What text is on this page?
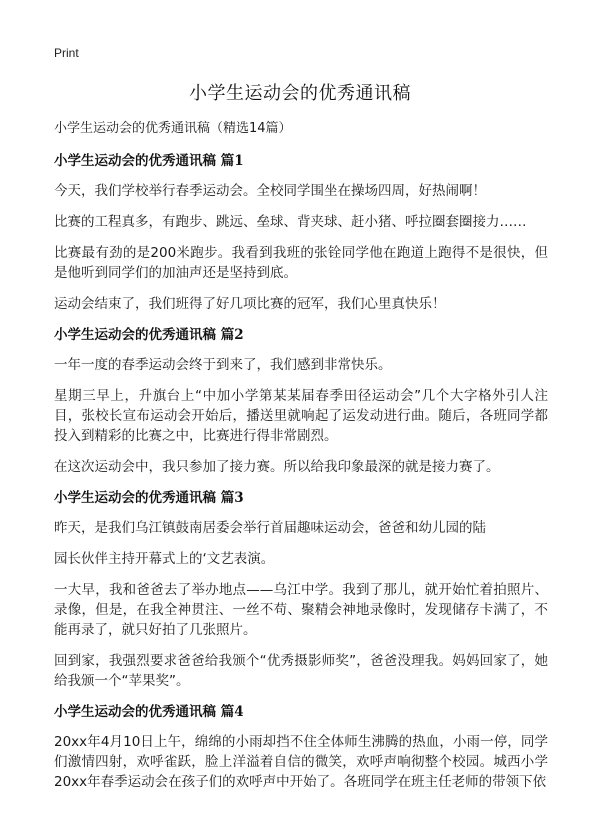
Print
小学生运动会的优秀通讯稿

小学生运动会的优秀通讯稿（精选14篇）

小学生运动会的优秀通讯稿 篇1

今天，我们学校举行春季运动会。全校同学围坐在操场四周，好热闹啊！

比赛的工程真多，有跑步、跳远、垒球、背夹球、赶小猪、呼拉圈套圈接力……

比赛最有劲的是200米跑步。我看到我班的张铨同学他在跑道上跑得不是很快，但是他听到同学们的加油声还是坚持到底。

运动会结束了，我们班得了好几项比赛的冠军，我们心里真快乐！

小学生运动会的优秀通讯稿 篇2

一年一度的春季运动会终于到来了，我们感到非常快乐。

星期三早上，升旗台上“中加小学第某某届春季田径运动会”几个大字格外引人注目，张校长宣布运动会开始后，播送里就响起了运发动进行曲。随后，各班同学都投入到精彩的比赛之中，比赛进行得非常剧烈。

在这次运动会中，我只参加了接力赛。所以给我印象最深的就是接力赛了。

小学生运动会的优秀通讯稿 篇3

昨天，是我们乌江镇鼓南居委会举行首届趣味运动会，爸爸和幼儿园的陆

园长伙伴主持开幕式上的‘文艺表演。

一大早，我和爸爸去了举办地点——乌江中学。我到了那儿，就开始忙着拍照片、录像，但是，在我全神贯注、一丝不苟、聚精会神地录像时，发现储存卡满了，不能再录了，就只好拍了几张照片。

回到家，我强烈要求爸爸给我颁个“优秀摄影师奖”，爸爸没理我。妈妈回家了，她给我颁一个“苹果奖”。

小学生运动会的优秀通讯稿 篇4

20xx年4月10日上午，绵绵的小雨却挡不住全体师生沸腾的热血，小雨一停，同学们激情四射，欢呼雀跃，脸上洋溢着自信的微笑，欢呼声响彻整个校园。城西小学20xx年春季运动会在孩子们的欢呼声中开始了。各班同学在班主任老师的带领下依
